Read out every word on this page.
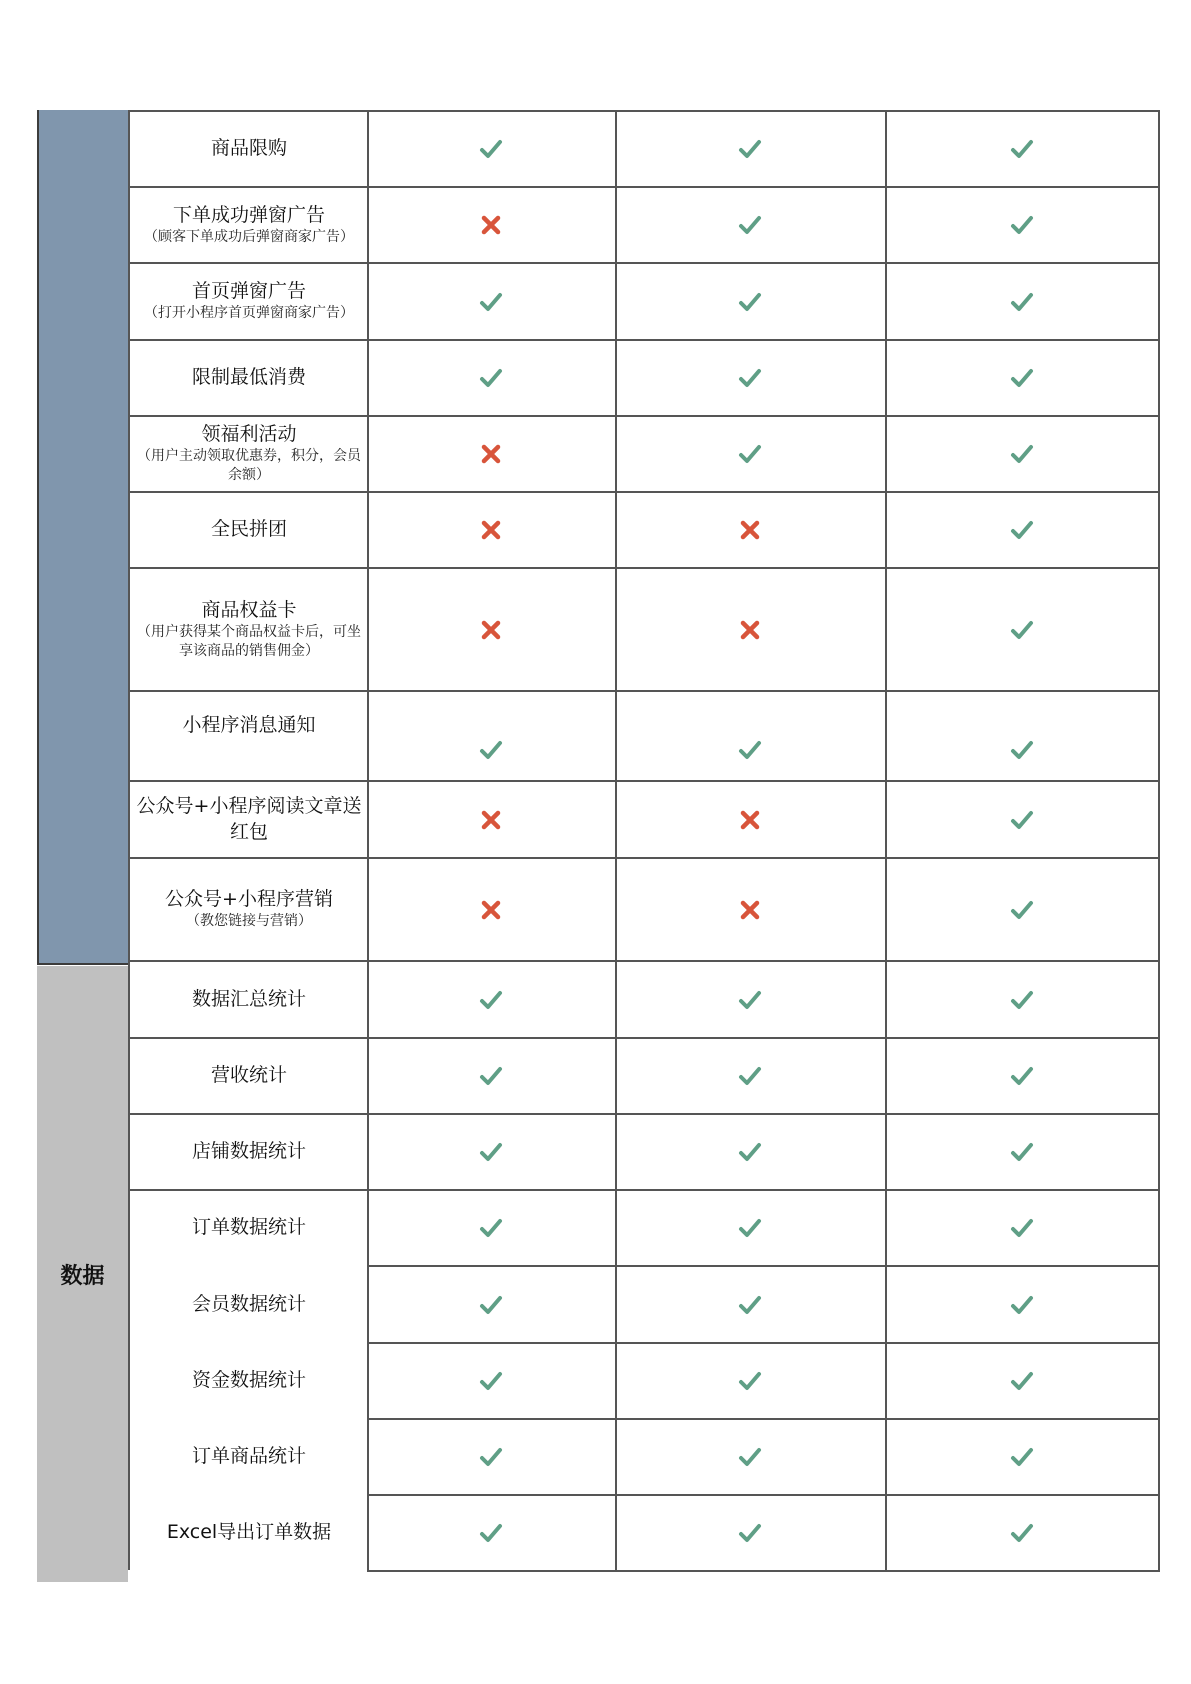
数据
商品限购
下单成功弹窗广告
（顾客下单成功后弹窗商家广告）
首页弹窗广告
（打开小程序首页弹窗商家广告）
限制最低消费
领福利活动
（用户主动领取优惠券，积分，会员余额）
全民拼团
商品权益卡
（用户获得某个商品权益卡后，可坐享该商品的销售佣金）
小程序消息通知
公众号+小程序阅读文章送红包
公众号+小程序营销
（教您链接与营销）
数据汇总统计
营收统计
店铺数据统计
订单数据统计
会员数据统计
资金数据统计
订单商品统计
Excel导出订单数据
